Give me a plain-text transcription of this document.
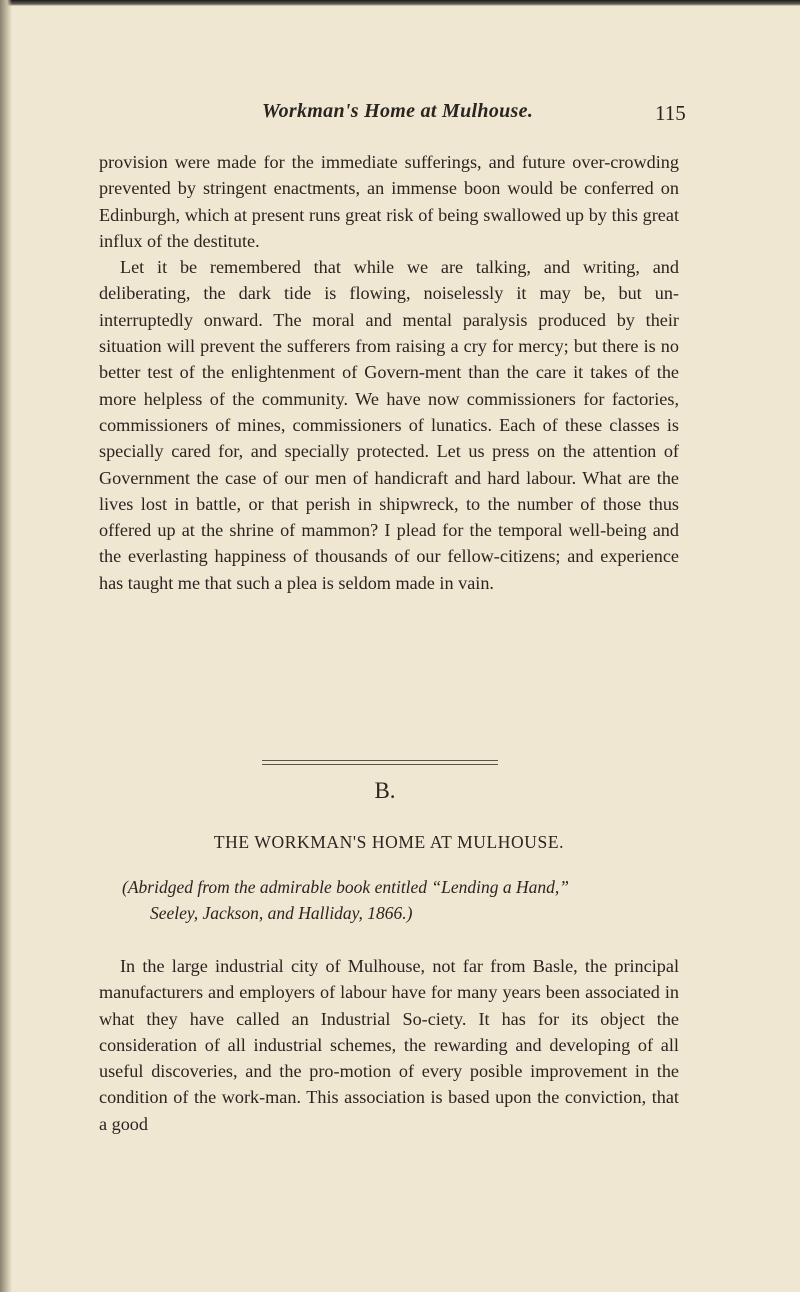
Workman's Home at Mulhouse.	115

provision were made for the immediate sufferings, and future over-crowding prevented by stringent enactments, an immense boon would be conferred on Edinburgh, which at present runs great risk of being swallowed up by this great influx of the destitute.

Let it be remembered that while we are talking, and writing, and deliberating, the dark tide is flowing, noiselessly it may be, but un-interruptedly onward. The moral and mental paralysis produced by their situation will prevent the sufferers from raising a cry for mercy; but there is no better test of the enlightenment of Govern-ment than the care it takes of the more helpless of the community. We have now commissioners for factories, commissioners of mines, commissioners of lunatics. Each of these classes is specially cared for, and specially protected. Let us press on the attention of Government the case of our men of handicraft and hard labour. What are the lives lost in battle, or that perish in shipwreck, to the number of those thus offered up at the shrine of mammon? I plead for the temporal well-being and the everlasting happiness of thousands of our fellow-citizens; and experience has taught me that such a plea is seldom made in vain.

B.
THE WORKMAN'S HOME AT MULHOUSE.
(Abridged from the admirable book entitled “Lending a Hand,”
Seeley, Jackson, and Halliday, 1866.)

In the large industrial city of Mulhouse, not far from Basle, the principal manufacturers and employers of labour have for many years been associated in what they have called an Industrial So-ciety. It has for its object the consideration of all industrial schemes, the rewarding and developing of all useful discoveries, and the pro-motion of every posible improvement in the condition of the work-man. This association is based upon the conviction, that a good
